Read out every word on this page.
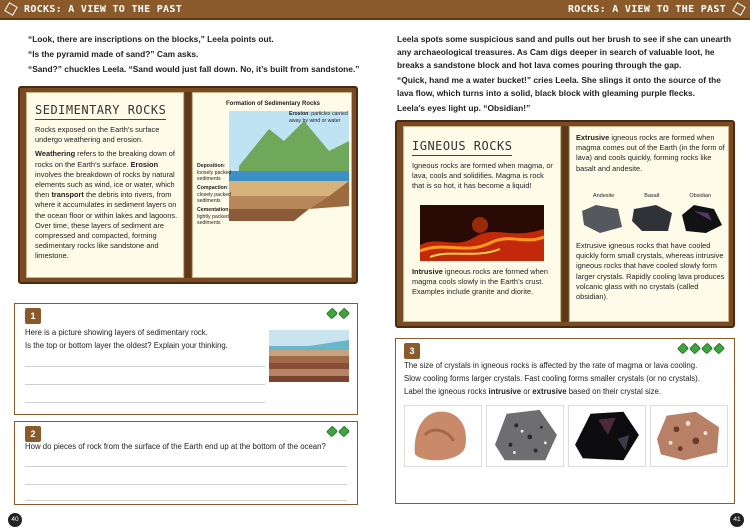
ROCKS: A VIEW TO THE PAST

“Look, there are inscriptions on the blocks,” Leela points out.

“Is the pyramid made of sand?” Cam asks.

“Sand?” chuckles Leela. “Sand would just fall down. No, it’s built from sandstone.”

SEDIMENTARY ROCKS
Rocks exposed on the Earth’s surface undergo weathering and erosion.
Weathering refers to the breaking down of rocks on the Earth’s surface. Erosion involves the breakdown of rocks by natural elements such as wind, ice or water, which then transport the debris into rivers, from where it accumulates in sediment layers on the ocean floor or within lakes and lagoons. Over time, these layers of sediment are compressed and compacted, forming sedimentary rocks like sandstone and limestone.
Formation of Sedimentary Rocks
Erosion: particles carried away by wind or water
Deposition: loosely packed sediments
Compaction: closely packed sediments
Cementation: tightly packed sediments
1
Here is a picture showing layers of sedimentary rock.
Is the top or bottom layer the oldest? Explain your thinking.
2
How do pieces of rock from the surface of the Earth end up at the bottom of the ocean?
40
ROCKS: A VIEW TO THE PAST

Leela spots some suspicious sand and pulls out her brush to see if she can unearth any archaeological treasures. As Cam digs deeper in search of valuable loot, he breaks a sandstone block and hot lava comes pouring through the gap.

“Quick, hand me a water bucket!” cries Leela. She slings it onto the source of the lava flow, which turns into a solid, black block with gleaming purple flecks.

Leela’s eyes light up. “Obsidian!”

IGNEOUS ROCKS
Igneous rocks are formed when magma, or lava, cools and solidifies. Magma is rock that is so hot, it has become a liquid!
Intrusive igneous rocks are formed when magma cools slowly in the Earth’s crust. Examples include granite and diorite.
Extrusive igneous rocks are formed when magma comes out of the Earth (in the form of lava) and cools quickly, forming rocks like basalt and andesite.
Andesite	Basalt	Obsidian
Extrusive igneous rocks that have cooled quickly form small crystals, whereas intrusive igneous rocks that have cooled slowly form larger crystals. Rapidly cooling lava produces volcanic glass with no crystals (called obsidian).
3
The size of crystals in igneous rocks is affected by the rate of magma or lava cooling.
Slow cooling forms larger crystals. Fast cooling forms smaller crystals (or no crystals).
Label the igneous rocks intrusive or extrusive based on their crystal size.
41
